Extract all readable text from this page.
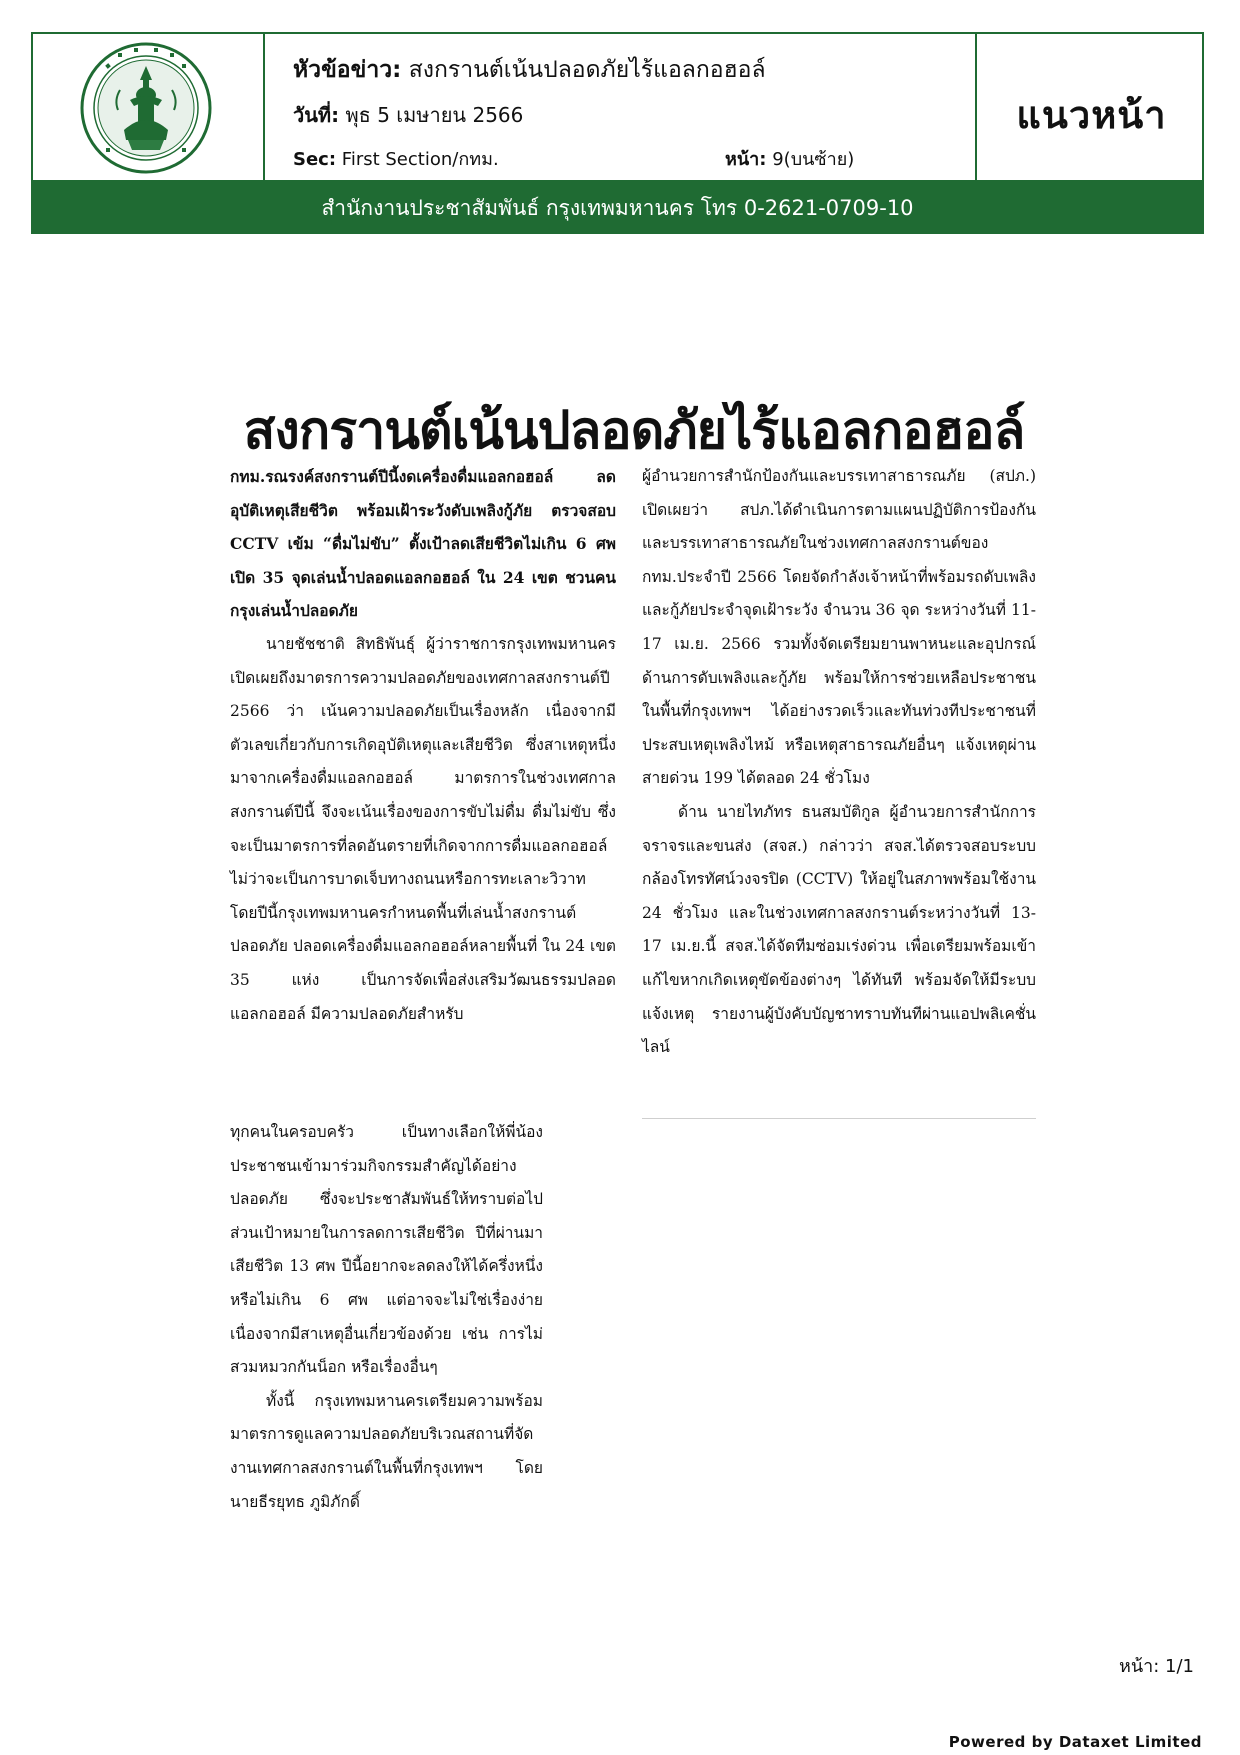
หัวข้อข่าว: สงกรานต์เน้นปลอดภัยไร้แอลกอฮอล์
วันที่: พุธ 5 เมษายน 2566
Sec: First Section/กทม.	หน้า: 9(บนซ้าย)
แนวหน้า
สำนักงานประชาสัมพันธ์ กรุงเทพมหานคร โทร 0-2621-0709-10
สงกรานต์เน้นปลอดภัยไร้แอลกอฮอล์

กทม.รณรงค์สงกรานต์ปีนี้งดเครื่องดื่มแอลกอฮอล์ ลดอุบัติเหตุเสียชีวิต พร้อมเฝ้าระวังดับเพลิงกู้ภัย ตรวจสอบ CCTV เข้ม “ดื่มไม่ขับ” ตั้งเป้าลดเสียชีวิตไม่เกิน 6 ศพ เปิด 35 จุดเล่นน้ำปลอดแอลกอฮอล์ ใน 24 เขต ชวนคนกรุงเล่นน้ำปลอดภัย

นายชัชชาติ สิทธิพันธุ์ ผู้ว่าราชการกรุงเทพมหานคร เปิดเผยถึงมาตรการความปลอดภัยของเทศกาลสงกรานต์ปี 2566 ว่า เน้นความปลอดภัยเป็นเรื่องหลัก เนื่องจากมีตัวเลขเกี่ยวกับการเกิดอุบัติเหตุและเสียชีวิต ซึ่งสาเหตุหนึ่งมาจากเครื่องดื่มแอลกอฮอล์ มาตรการในช่วงเทศกาลสงกรานต์ปีนี้ จึงจะเน้นเรื่องของการขับไม่ดื่ม ดื่มไม่ขับ ซึ่งจะเป็นมาตรการที่ลดอันตรายที่เกิดจากการดื่มแอลกอฮอล์ไม่ว่าจะเป็นการบาดเจ็บทางถนนหรือการทะเลาะวิวาท โดยปีนี้กรุงเทพมหานครกำหนดพื้นที่เล่นน้ำสงกรานต์ปลอดภัย ปลอดเครื่องดื่มแอลกอฮอล์หลายพื้นที่ ใน 24 เขต 35 แห่ง เป็นการจัดเพื่อส่งเสริมวัฒนธรรมปลอดแอลกอฮอล์ มีความปลอดภัยสำหรับ

ทุกคนในครอบครัว เป็นทางเลือกให้พี่น้องประชาชนเข้ามาร่วมกิจกรรมสำคัญได้อย่างปลอดภัย ซึ่งจะประชาสัมพันธ์ให้ทราบต่อไป ส่วนเป้าหมายในการลดการเสียชีวิต ปีที่ผ่านมาเสียชีวิต 13 ศพ ปีนี้อยากจะลดลงให้ได้ครึ่งหนึ่ง หรือไม่เกิน 6 ศพ แต่อาจจะไม่ใช่เรื่องง่ายเนื่องจากมีสาเหตุอื่นเกี่ยวข้องด้วย เช่น การไม่สวมหมวกกันน็อก หรือเรื่องอื่นๆ

ทั้งนี้ กรุงเทพมหานครเตรียมความพร้อมมาตรการดูแลความปลอดภัยบริเวณสถานที่จัดงานเทศกาลสงกรานต์ในพื้นที่กรุงเทพฯ โดย นายธีรยุทธ ภูมิภักดิ์

ผู้อำนวยการสำนักป้องกันและบรรเทาสาธารณภัย (สปภ.) เปิดเผยว่า สปภ.ได้ดำเนินการตามแผนปฏิบัติการป้องกันและบรรเทาสาธารณภัยในช่วงเทศกาลสงกรานต์ของ กทม.ประจำปี 2566 โดยจัดกำลังเจ้าหน้าที่พร้อมรถดับเพลิงและกู้ภัยประจำจุดเฝ้าระวัง จำนวน 36 จุด ระหว่างวันที่ 11-17 เม.ย. 2566 รวมทั้งจัดเตรียมยานพาหนะและอุปกรณ์ด้านการดับเพลิงและกู้ภัย พร้อมให้การช่วยเหลือประชาชนในพื้นที่กรุงเทพฯ ได้อย่างรวดเร็วและทันท่วงทีประชาชนที่ประสบเหตุเพลิงไหม้ หรือเหตุสาธารณภัยอื่นๆ แจ้งเหตุผ่านสายด่วน 199 ได้ตลอด 24 ชั่วโมง

ด้าน นายไทภัทร ธนสมบัติกูล ผู้อำนวยการสำนักการจราจรและขนส่ง (สจส.) กล่าวว่า สจส.ได้ตรวจสอบระบบกล้องโทรทัศน์วงจรปิด (CCTV) ให้อยู่ในสภาพพร้อมใช้งาน 24 ชั่วโมง และในช่วงเทศกาลสงกรานต์ระหว่างวันที่ 13-17 เม.ย.นี้ สจส.ได้จัดทีมซ่อมเร่งด่วน เพื่อเตรียมพร้อมเข้าแก้ไขหากเกิดเหตุขัดข้องต่างๆ ได้ทันที พร้อมจัดให้มีระบบแจ้งเหตุ รายงานผู้บังคับบัญชาทราบทันทีผ่านแอปพลิเคชั่นไลน์

หน้า: 1/1
Powered by Dataxet Limited
